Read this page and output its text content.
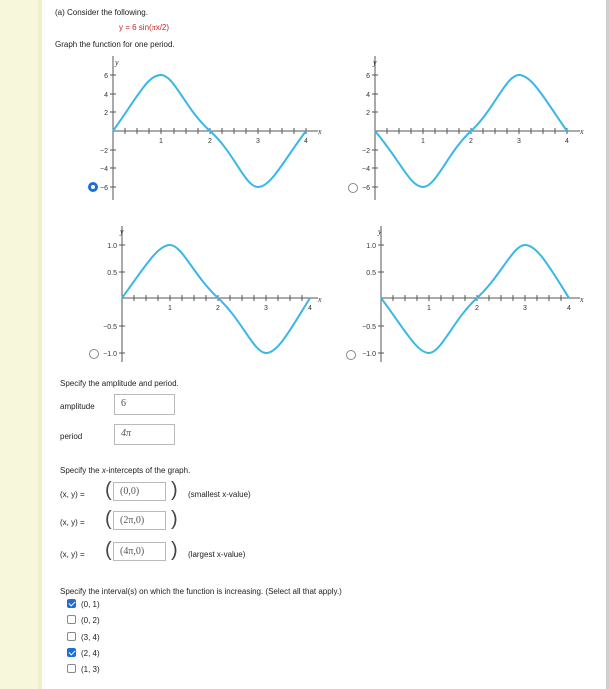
(a) Consider the following.
y = 6 sin(πx/2)
Graph the function for one period.
y
x
6
4
2
−2
−4
−6
1	2	3	4
y
x
6
4
2
−2
−4
−6
1	2	3	4
y
x
1.0
0.5
−0.5
−1.0
1	2	3	4
y
x
1.0
0.5
−0.5
−1.0
1	2	3	4
Specify the amplitude and period.
amplitude	6
period	4π
Specify the x-intercepts of the graph.
(x, y) = ( (0,0)	) (smallest x-value)
(x, y) = ( (2π,0)	)
(x, y) = ( (4π,0)	) (largest x-value)
Specify the interval(s) on which the function is increasing. (Select all that apply.)
(0, 1)
(0, 2)
(3, 4)
(2, 4)
(1, 3)
